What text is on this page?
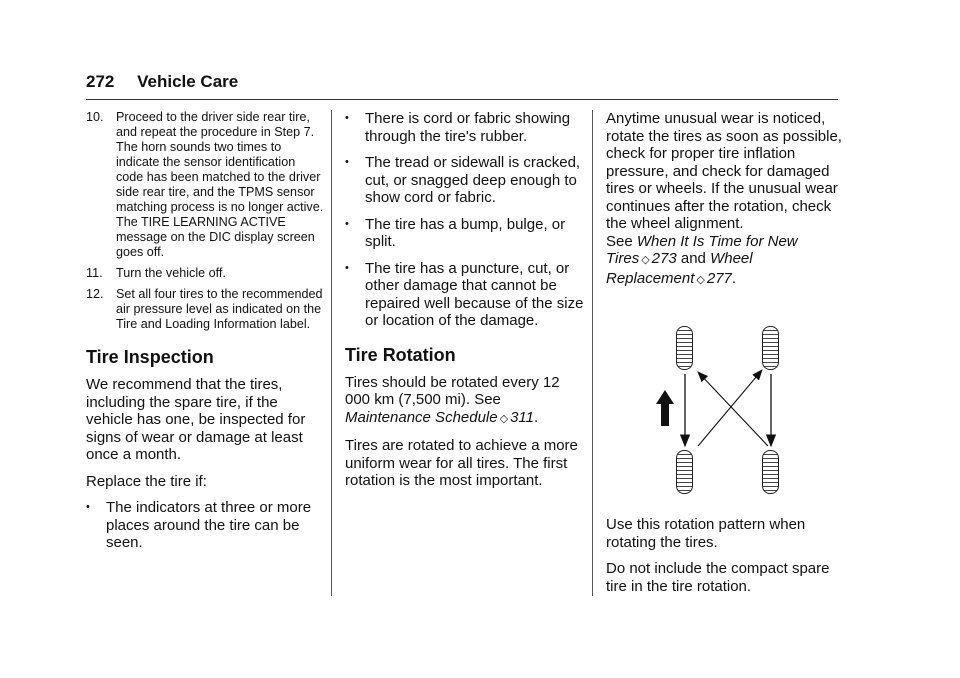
272 Vehicle Care
10. Proceed to the driver side rear tire, and repeat the procedure in Step 7. The horn sounds two times to indicate the sensor identification code has been matched to the driver side rear tire, and the TPMS sensor matching process is no longer active. The TIRE LEARNING ACTIVE message on the DIC display screen goes off.
11.	Turn the vehicle off.
12. Set all four tires to the recommended air pressure level as indicated on the Tire and Loading Information label.
Tire Inspection

We recommend that the tires, including the spare tire, if the vehicle has one, be inspected for signs of wear or damage at least once a month.

Replace the tire if:

•	The indicators at three or more places around the tire can be seen.
•	There is cord or fabric showing through the tire's rubber.
•	The tread or sidewall is cracked, cut, or snagged deep enough to show cord or fabric.
•	The tire has a bump, bulge, or split.
•	The tire has a puncture, cut, or other damage that cannot be repaired well because of the size or location of the damage.
Tire Rotation

Tires should be rotated every 12 000 km (7,500 mi). See Maintenance Schedule ◇ 311.

Tires are rotated to achieve a more uniform wear for all tires. The first rotation is the most important.

Anytime unusual wear is noticed, rotate the tires as soon as possible, check for proper tire inflation pressure, and check for damaged tires or wheels. If the unusual wear continues after the rotation, check the wheel alignment.
See When It Is Time for New Tires ◇ 273 and Wheel Replacement ◇ 277.

Use this rotation pattern when rotating the tires.

Do not include the compact spare tire in the tire rotation.
